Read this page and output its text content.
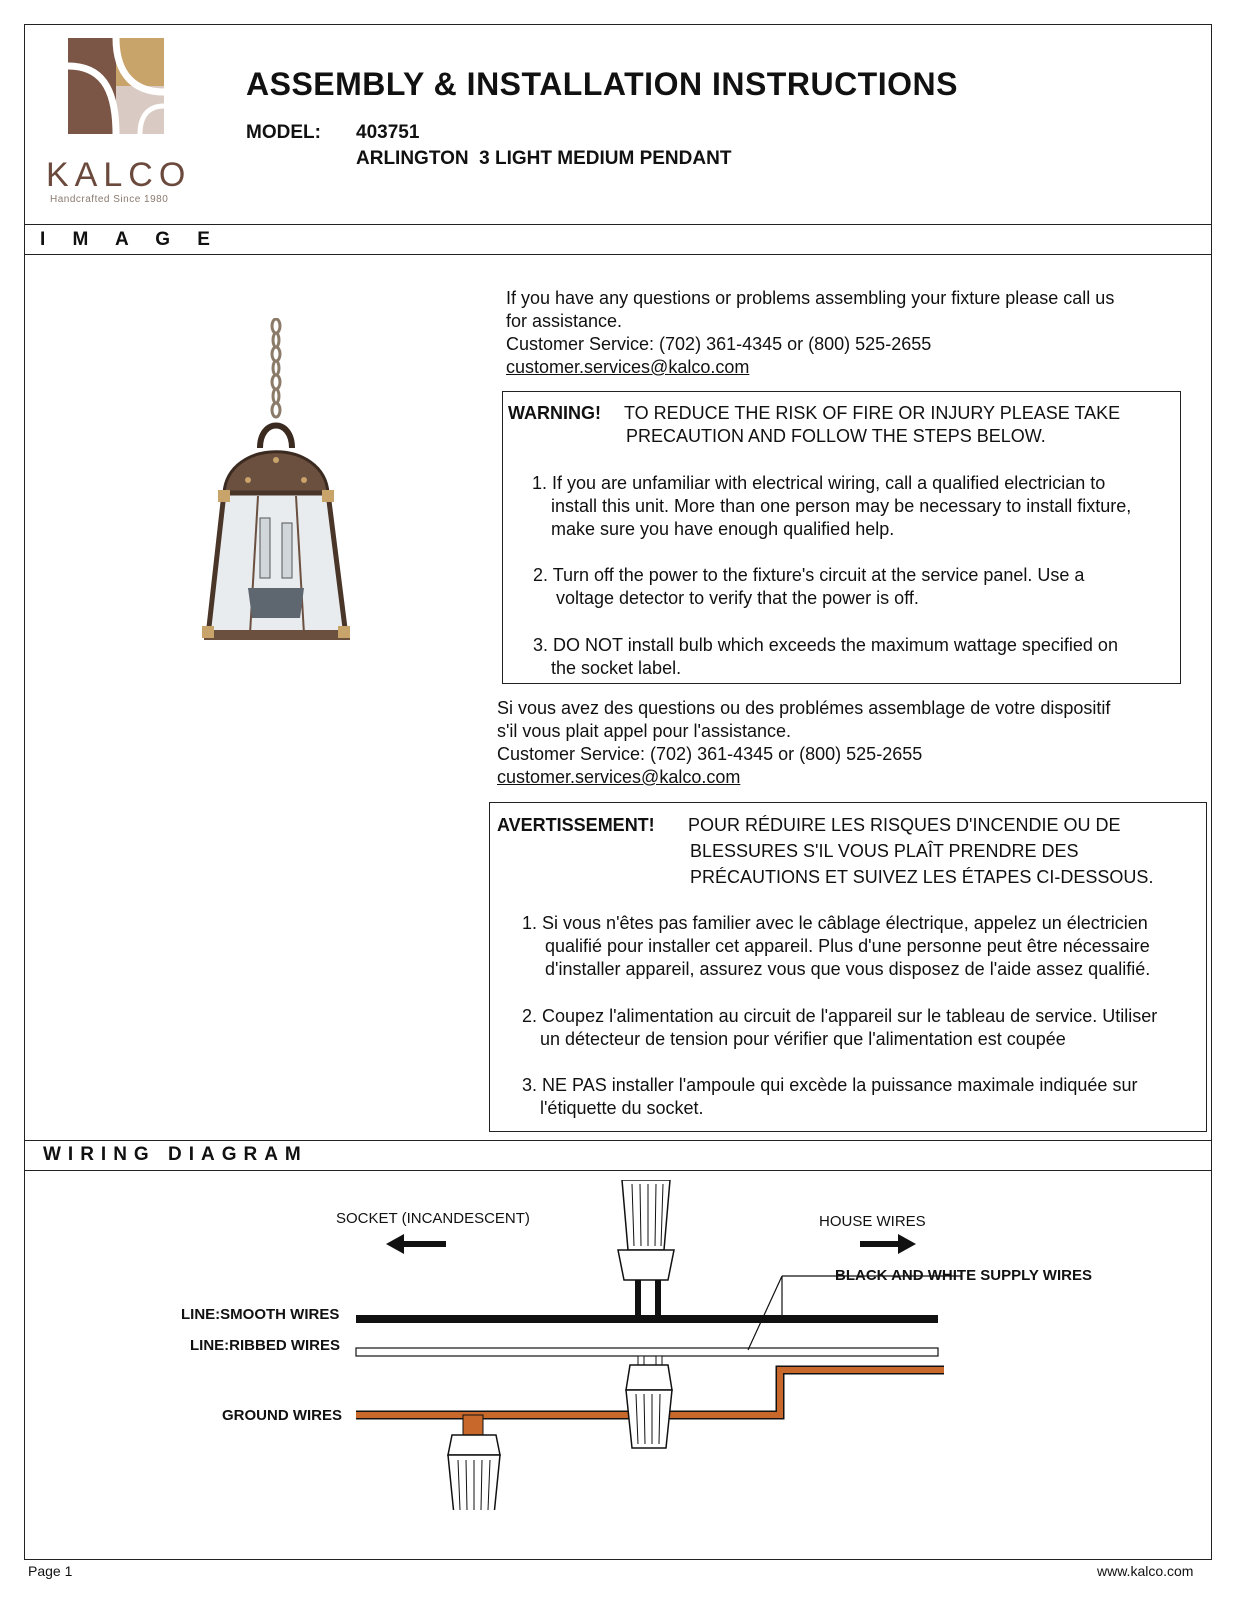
KALCO
Handcrafted Since 1980
ASSEMBLY & INSTALLATION INSTRUCTIONS
MODEL: 403751
ARLINGTON  3 LIGHT MEDIUM PENDANT
I M A G E
If you have any questions or problems assembling your fixture please call us
for assistance.
Customer Service: (702) 361-4345 or (800) 525-2655
customer.services@kalco.com
WARNING! TO REDUCE THE RISK OF FIRE OR INJURY PLEASE TAKE
PRECAUTION AND FOLLOW THE STEPS BELOW.
1. If you are unfamiliar with electrical wiring, call a qualified electrician to
install this unit. More than one person may be necessary to install fixture,
make sure you have enough qualified help.
2. Turn off the power to the fixture's circuit at the service panel. Use a
voltage detector to verify that the power is off.
3. DO NOT install bulb which exceeds the maximum wattage specified on
the socket label.
Si vous avez des questions ou des problémes assemblage de votre dispositif
s'il vous plait appel pour l'assistance.
Customer Service: (702) 361-4345 or (800) 525-2655
customer.services@kalco.com
AVERTISSEMENT! POUR RÉDUIRE LES RISQUES D'INCENDIE OU DE
BLESSURES S'IL VOUS PLAÎT PRENDRE DES
PRÉCAUTIONS ET SUIVEZ LES ÉTAPES CI-DESSOUS.
1. Si vous n'êtes pas familier avec le câblage électrique, appelez un électricien
qualifié pour installer cet appareil. Plus d'une personne peut être nécessaire
d'installer appareil, assurez vous que vous disposez de l'aide assez qualifié.
2. Coupez l'alimentation au circuit de l'appareil sur le tableau de service. Utiliser
un détecteur de tension pour vérifier que l'alimentation est coupée
3. NE PAS installer l'ampoule qui excède la puissance maximale indiquée sur
l'étiquette du socket.
WIRING DIAGRAM
SOCKET (INCANDESCENT)	HOUSE WIRES
BLACK AND WHITE SUPPLY WIRES
LINE:SMOOTH WIRES
LINE:RIBBED WIRES
GROUND WIRES
Page 1	www.kalco.com
